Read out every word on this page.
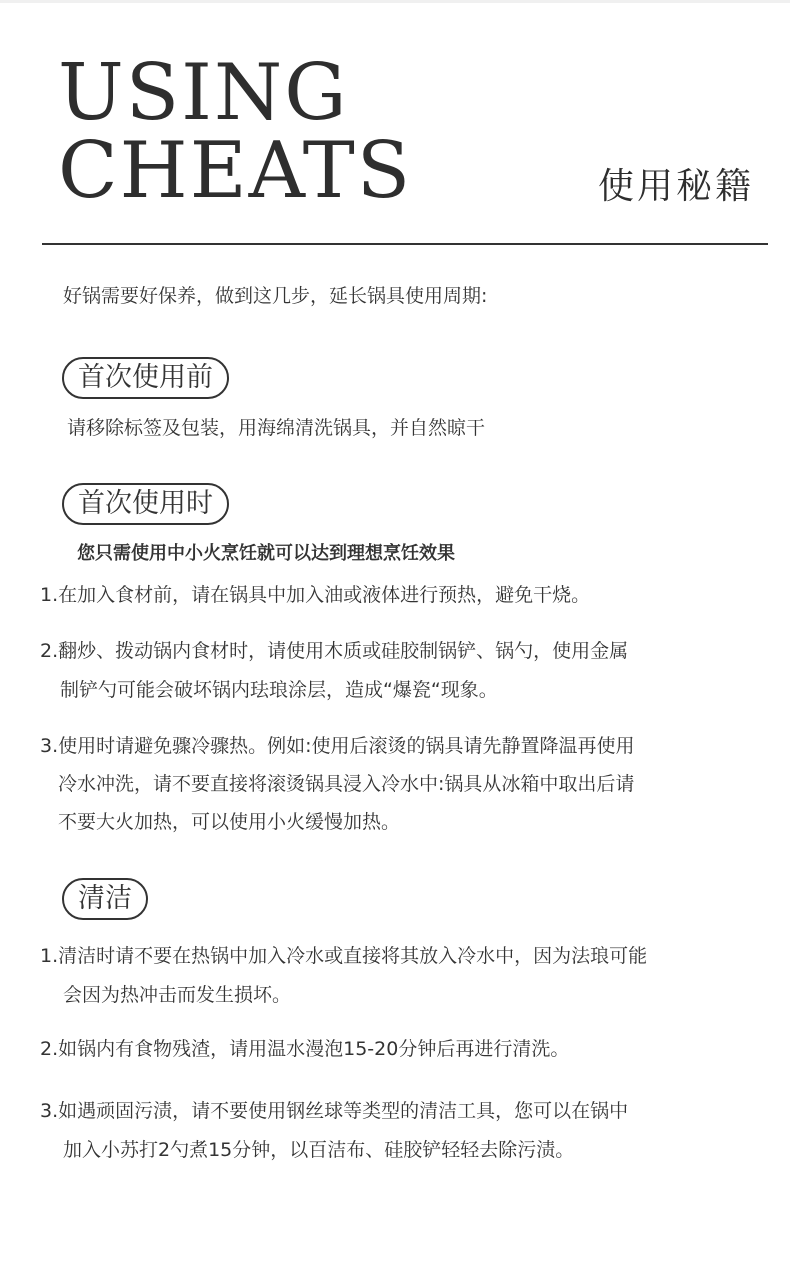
USING
CHEATS	使用秘籍
好锅需要好保养，做到这几步，延长锅具使用周期:
首次使用前
请移除标签及包装，用海绵清洗锅具，并自然晾干
首次使用时
您只需使用中小火烹饪就可以达到理想烹饪效果
1.在加入食材前，请在锅具中加入油或液体进行预热，避免干烧。
2.翻炒、拨动锅内食材时，请使用木质或硅胶制锅铲、锅勺，使用金属
制铲勺可能会破坏锅内珐琅涂层，造成“爆瓷“现象。
3.使用时请避免骤冷骤热。例如:使用后滚烫的锅具请先静置降温再使用
冷水冲洗，请不要直接将滚烫锅具浸入冷水中:锅具从冰箱中取出后请
不要大火加热，可以使用小火缓慢加热。
清洁
1.清洁时请不要在热锅中加入冷水或直接将其放入冷水中，因为法琅可能
会因为热冲击而发生损坏。
2.如锅内有食物残渣，请用温水漫泡15-20分钟后再进行清洗。
3.如遇顽固污渍，请不要使用钢丝球等类型的清洁工具，您可以在锅中
加入小苏打2勺煮15分钟，以百洁布、硅胶铲轻轻去除污渍。
